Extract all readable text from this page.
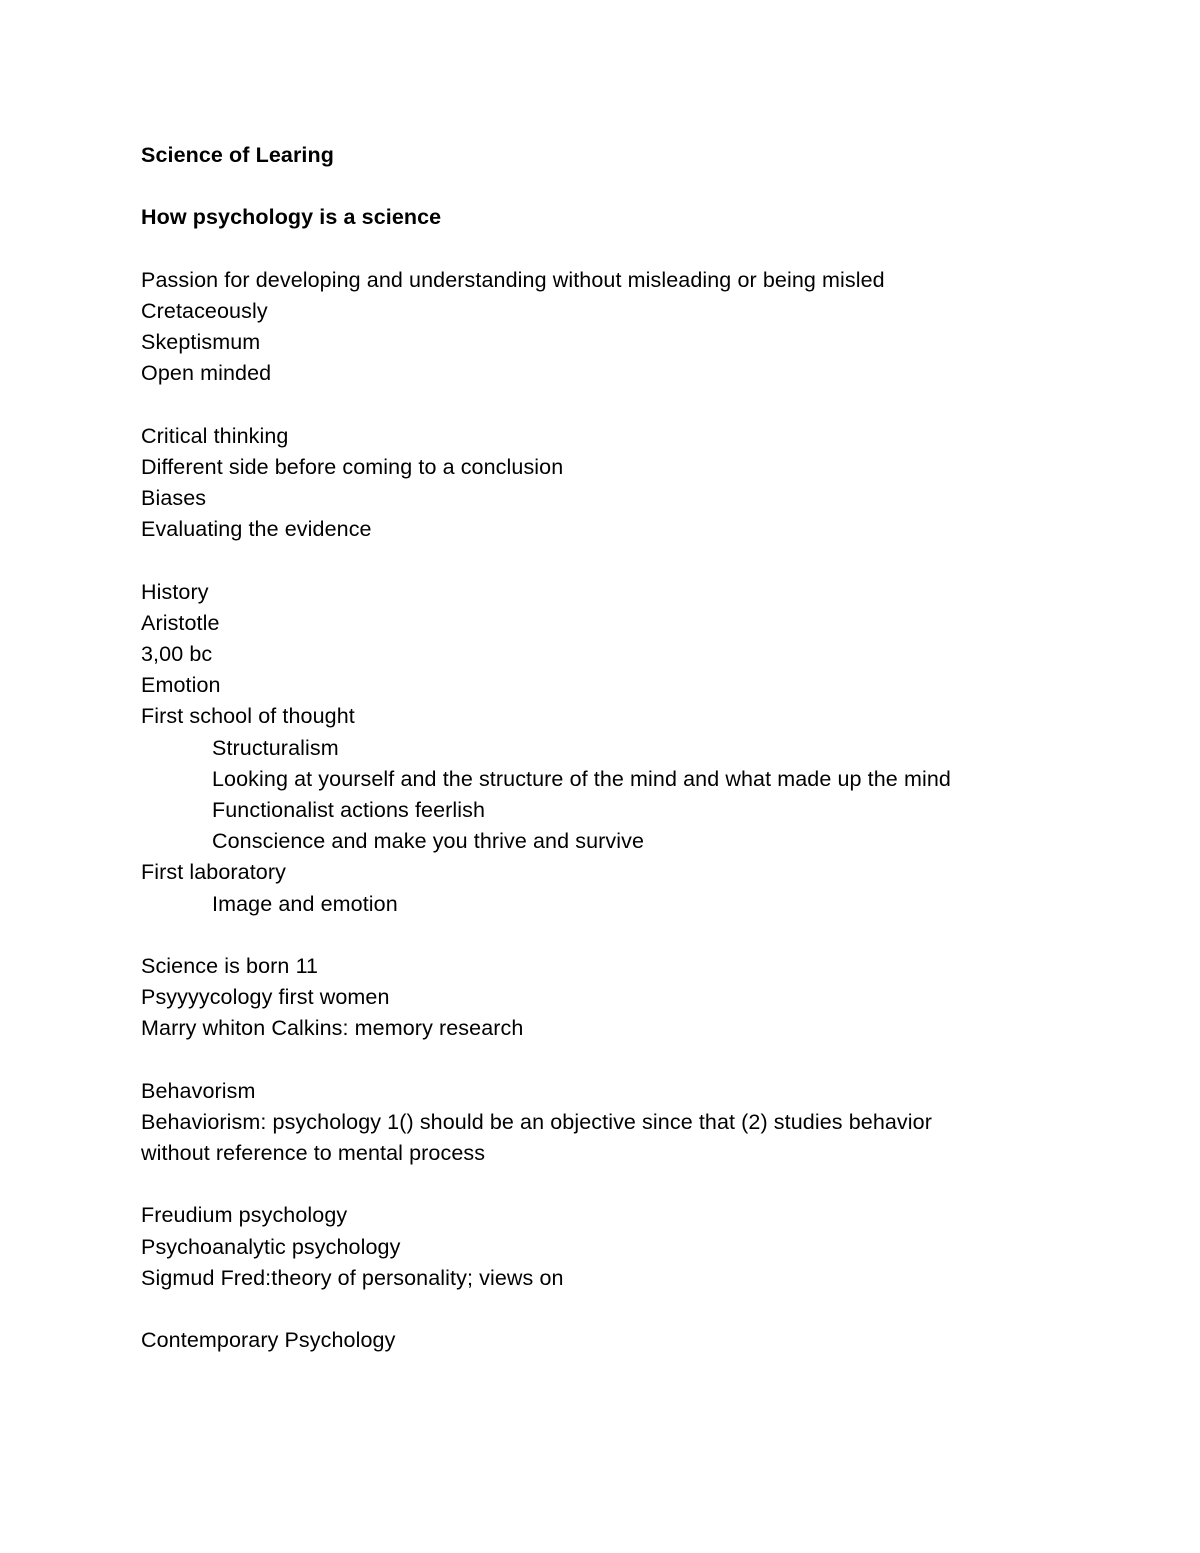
Science of Learing
How psychology is a science
Passion for developing and understanding without misleading or being misled
Cretaceously
Skeptismum
Open minded
Critical thinking
Different side before coming to a conclusion
Biases
Evaluating the evidence
History
Aristotle
3,00 bc
Emotion
First school of thought
Structuralism
Looking at yourself and the structure of the mind and what made up the mind
Functionalist actions feerlish
Conscience and make you thrive and survive
First laboratory
Image and emotion
Science is born 11
Psyyyycology first women
Marry whiton Calkins: memory research
Behavorism
Behaviorism: psychology 1() should be an objective since that (2) studies behavior
without reference to mental process
Freudium psychology
Psychoanalytic psychology
Sigmud Fred:theory of personality; views on
Contemporary Psychology
